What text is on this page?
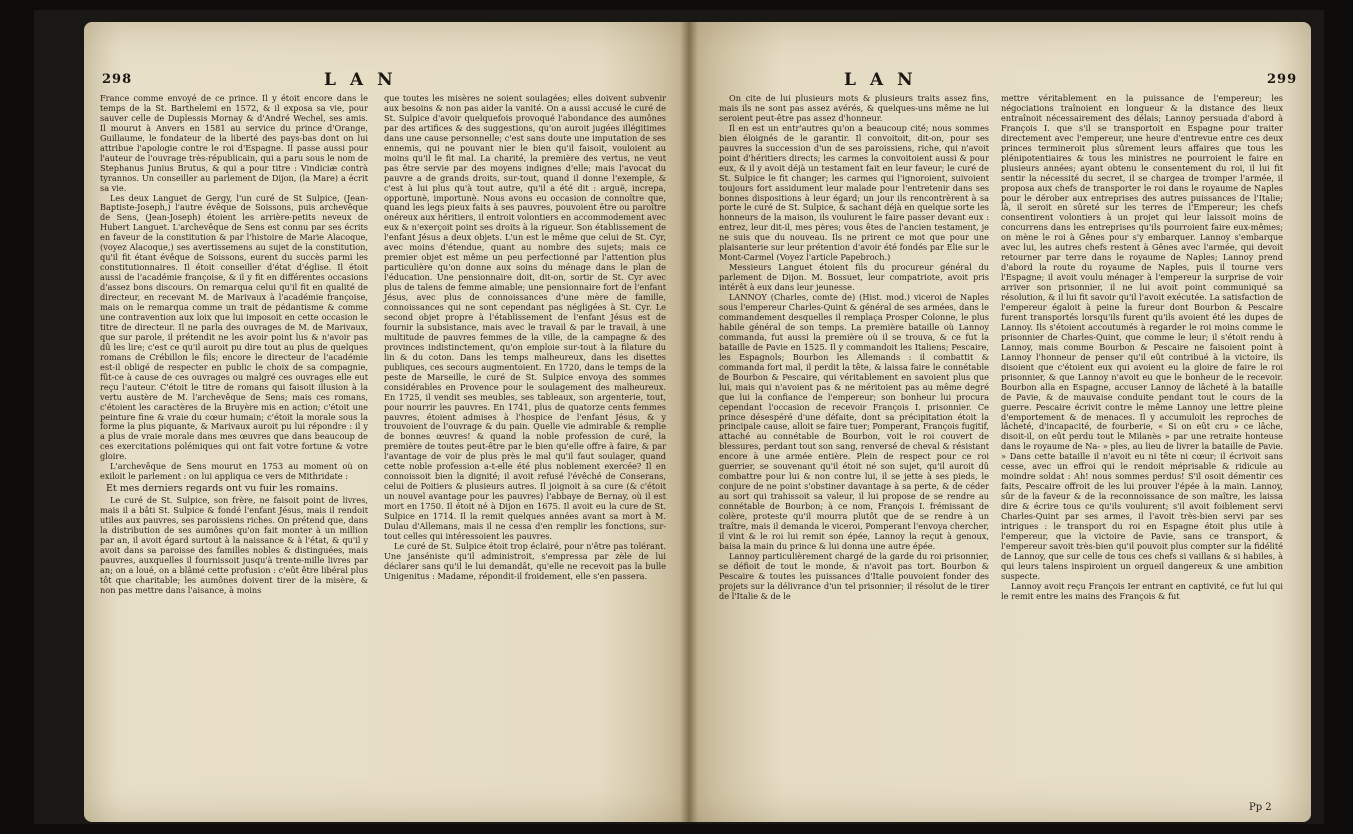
298	LAN

France comme envoyé de ce prince. Il y étoit encore dans le temps de la St. Barthelemi en 1572, & il exposa sa vie, pour sauver celle de Duplessis Mornay & d'André Wechel, ses amis. Il mourut à Anvers en 1581 au service du prince d'Orange, Guillaume, le fondateur de la liberté des pays-bas dont on lui attribue l'apologie contre le roi d'Espagne. Il passe aussi pour l'auteur de l'ouvrage très-républicain, qui a paru sous le nom de Stephanus Junius Brutus, & qui a pour titre : Vindiciæ contrà tyrannos. Un conseiller au parlement de Dijon, (la Mare) a écrit sa vie.

Les deux Languet de Gergy, l'un curé de St Sulpice, (Jean-Baptiste-Joseph,) l'autre évêque de Soissons, puis archevêque de Sens, (Jean-Joseph) étoient les arrière-petits neveux de Hubert Languet. L'archevêque de Sens est connu par ses écrits en faveur de la constitution & par l'histoire de Marie Alacoque, (voyez Alacoque,) ses avertissemens au sujet de la constitution, qu'il fit étant évêque de Soissons, eurent du succès parmi les constitutionnaires. Il étoit conseiller d'état d'église. Il étoit aussi de l'académie françoise, & il y fit en différentes occasions d'assez bons discours. On remarqua celui qu'il fit en qualité de directeur, en recevant M. de Marivaux à l'académie françoise, mais on le remarqua comme un trait de pédantisme & comme une contravention aux loix que lui imposoit en cette occasion le titre de directeur. Il ne parla des ouvrages de M. de Marivaux, que sur parole, il prétendit ne les avoir point lus & n'avoir pas dû les lire; c'est ce qu'il auroit pu dire tout au plus de quelques romans de Crébillon le fils; encore le directeur de l'académie est-il obligé de respecter en public le choix de sa compagnie, fût-ce à cause de ces ouvrages ou malgré ces ouvrages elle eut reçu l'auteur. C'étoit le titre de romans qui faisoit illusion à la vertu austère de M. l'archevêque de Sens; mais ces romans, c'étoient les caractères de la Bruyère mis en action; c'étoit une peinture fine & vraie du cœur humain; c'étoit la morale sous la forme la plus piquante, & Marivaux auroit pu lui répondre : il y a plus de vraie morale dans mes œuvres que dans beaucoup de ces exercitations polémiques qui ont fait votre fortune & votre gloire.

L'archevêque de Sens mourut en 1753 au moment où on exiloit le parlement : on lui appliqua ce vers de Mithridate :

Et mes derniers regards ont vu fuir les romains.

Le curé de St. Sulpice, son frère, ne faisoit point de livres, mais il a bâti St. Sulpice & fondé l'enfant Jésus, mais il rendoit utiles aux pauvres, ses paroissiens riches. On prétend que, dans la distribution de ses aumônes qu'on fait monter à un million par an, il avoit égard surtout à la naissance & à l'état, & qu'il y avoit dans sa paroisse des familles nobles & distinguées, mais pauvres, auxquelles il fournissoit jusqu'à trente-mille livres par an; on a loué, on a blâmé cette profusion : c'eût être libéral plus tôt que charitable; les aumônes doivent tirer de la misère, & non pas mettre dans l'aisance, à moins

que toutes les misères ne soient soulagées; elles doivent subvenir aux besoins & non pas aider la vanité. On a aussi accusé le curé de St. Sulpice d'avoir quelquefois provoqué l'abondance des aumônes par des artifices & des suggestions, qu'on auroit jugées illégitimes dans une cause personnelle; c'est sans doute une imputation de ses ennemis, qui ne pouvant nier le bien qu'il faisoit, vouloient au moins qu'il le fit mal. La charité, la première des vertus, ne veut pas être servie par des moyens indignes d'elle; mais l'avocat du pauvre a de grands droits, sur-tout, quand il donne l'exemple, & c'est à lui plus qu'à tout autre, qu'il a été dit : arguë, increpa, opportunè, importunè. Nous avons eu occasion de connoître que, quand les legs pieux faits à ses pauvres, pouvoient être ou paroître onéreux aux héritiers, il entroit volontiers en accommodement avec eux & n'exerçoit point ses droits à la rigueur. Son établissement de l'enfant Jésus a deux objets. L'un est le même que celui de St. Cyr, avec moins d'étendue, quant au nombre des sujets; mais ce premier objet est même un peu perfectionné par l'attention plus particulière qu'on donne aux soins du ménage dans le plan de l'éducation. Une pensionnaire doit, dit-on, sortir de St. Cyr avec plus de talens de femme aimable; une pensionnaire fort de l'enfant Jésus, avec plus de connoissances d'une mère de famille, connoissances qui ne sont cependant pas négligées à St. Cyr. Le second objet propre à l'établissement de l'enfant Jésus est de fournir la subsistance, mais avec le travail & par le travail, à une multitude de pauvres femmes de la ville, de la campagne & des provinces indistinctement, qu'on emploie sur-tout à la filature du lin & du coton. Dans les temps malheureux, dans les disettes publiques, ces secours augmentoient. En 1720, dans le temps de la peste de Marseille, le curé de St. Sulpice envoya des sommes considérables en Provence pour le soulagement des malheureux. En 1725, il vendit ses meubles, ses tableaux, son argenterie, tout, pour nourrir les pauvres. En 1741, plus de quatorze cents femmes pauvres, étoient admises à l'hospice de l'enfant Jésus, & y trouvoient de l'ouvrage & du pain. Quelle vie admirable & remplie de bonnes œuvres! & quand la noble profession de curé, la première de toutes peut-être par le bien qu'elle offre à faire, & par l'avantage de voir de plus près le mal qu'il faut soulager, quand cette noble profession a-t-elle été plus noblement exercée? Il en connoissoit bien la dignité; il avoit refusé l'évêché de Conserans, celui de Poitiers & plusieurs autres. Il joignoit à sa cure (& c'étoit un nouvel avantage pour les pauvres) l'abbaye de Bernay, où il est mort en 1750. Il étoit né à Dijon en 1675. Il avoit eu la cure de St. Sulpice en 1714. Il la remit quelques années avant sa mort à M. Dulau d'Allemans, mais il ne cessa d'en remplir les fonctions, sur-tout celles qui intéressoient les pauvres.

Le curé de St. Sulpice étoit trop éclairé, pour n'être pas tolérant. Une janséniste qu'il administroit, s'empressa par zèle de lui déclarer sans qu'il le lui demandât, qu'elle ne recevoit pas la bulle Unigenitus : Madame, répondit-il froidement, elle s'en passera.

LAN	299

On cite de lui plusieurs mots & plusieurs traits assez fins, mais ils ne sont pas assez avérés, & quelques-uns même ne lui seroient peut-être pas assez d'honneur.

Il en est un entr'autres qu'on a beaucoup cité; nous sommes bien éloignés de le garantir. Il convoitoit, dit-on, pour ses pauvres la succession d'un de ses paroissiens, riche, qui n'avoit point d'héritiers directs; les carmes la convoitoient aussi & pour eux, & il y avoit déjà un testament fait en leur faveur; le curé de St. Sulpice le fit changer; les carmes qui l'ignoroient, suivoient toujours fort assidument leur malade pour l'entretenir dans ses bonnes dispositions à leur égard; un jour ils rencontrèrent à sa porte le curé de St. Sulpice, & sachant déjà en quelque sorte les honneurs de la maison, ils voulurent le faire passer devant eux : entrez, leur dit-il, mes pères; vous êtes de l'ancien testament, je ne suis que du nouveau. Ils ne prirent ce mot que pour une plaisanterie sur leur prétention d'avoir été fondés par Elie sur le Mont-Carmel (Voyez l'article Papebroch.)

Messieurs Languet étoient fils du procureur général du parlement de Dijon. M. Bossuet, leur compatriote, avoit pris intérêt à eux dans leur jeunesse.

LANNOY (Charles, comte de) (Hist. mod.) viceroi de Naples sous l'empereur Charles-Quint & général de ses armées, dans le commandement desquelles il remplaça Prosper Colonne, le plus habile général de son temps. La première bataille où Lannoy commanda, fut aussi la première où il se trouva, & ce fut la bataille de Pavie en 1525. Il y commandoit les Italiens; Pescaire, les Espagnols; Bourbon les Allemands : il combattit & commanda fort mal, il perdit la tête, & laissa faire le connétable de Bourbon & Pescaire, qui véritablement en savoient plus que lui, mais qui n'avoient pas & ne méritoient pas au même degré que lui la confiance de l'empereur; son bonheur lui procura cependant l'occasion de recevoir François I. prisonnier. Ce prince désespéré d'une défaite, dont sa précipitation étoit la principale cause, alloit se faire tuer; Pomperant, François fugitif, attaché au connétable de Bourbon, voit le roi couvert de blessures, perdant tout son sang, renversé de cheval & résistant encore à une armée entière. Plein de respect pour ce roi guerrier, se souvenant qu'il étoit né son sujet, qu'il auroit dû combattre pour lui & non contre lui, il se jette à ses pieds, le conjure de ne point s'obstiner davantage à sa perte, & de céder au sort qui trahissoit sa valeur, il lui propose de se rendre au connétable de Bourbon; à ce nom, François I. frémissant de colère, proteste qu'il mourra plutôt que de se rendre à un traître, mais il demanda le viceroi, Pomperant l'envoya chercher, il vint & le roi lui remit son épée, Lannoy la reçut à genoux, baisa la main du prince & lui donna une autre épée.

Lannoy particulièrement chargé de la garde du roi prisonnier, se défioit de tout le monde, & n'avoit pas tort. Bourbon & Pescaire & toutes les puissances d'Italie pouvoient fonder des projets sur la délivrance d'un tel prisonnier; il résolut de le tirer de l'Italie & de le

mettre véritablement en la puissance de l'empereur; les négociations traînoient en longueur & la distance des lieux entraînoit nécessairement des délais; Lannoy persuada d'abord à François I. que s'il se transportoit en Espagne pour traiter directement avec l'empereur, une heure d'entrevue entre ces deux princes termineroit plus sûrement leurs affaires que tous les plénipotentiaires & tous les ministres ne pourroient le faire en plusieurs années; ayant obtenu le consentement du roi, il lui fit sentir la nécessité du secret, il se chargea de tromper l'armée, il proposa aux chefs de transporter le roi dans le royaume de Naples pour le dérober aux entreprises des autres puissances de l'Italie; là, il seroit en sûreté sur les terres de l'Empereur; les chefs consentirent volontiers à un projet qui leur laissoit moins de concurrens dans les entreprises qu'ils pourroient faire eux-mêmes; on mène le roi à Gênes pour s'y embarquer. Lannoy s'embarque avec lui, les autres chefs restent à Gênes avec l'armée, qui devoit retourner par terre dans le royaume de Naples; Lannoy prend d'abord la route du royaume de Naples, puis il tourne vers l'Espagne; il avoit voulu ménager à l'empereur la surprise de voir arriver son prisonnier, il ne lui avoit point communiqué sa résolution, & il lui fit savoir qu'il l'avoit exécutée. La satisfaction de l'empereur égaloit à peine la fureur dont Bourbon & Pescaire furent transportés lorsqu'ils furent qu'ils avoient été les dupes de Lannoy. Ils s'étoient accoutumés à regarder le roi moins comme le prisonnier de Charles-Quint, que comme le leur; il s'étoit rendu à Lannoy, mais comme Bourbon & Pescaire ne faisoient point à Lannoy l'honneur de penser qu'il eût contribué à la victoire, ils disoient que c'étoient eux qui avoient eu la gloire de faire le roi prisonnier, & que Lannoy n'avoit eu que le bonheur de le recevoir. Bourbon alla en Espagne, accuser Lannoy de lâcheté à la bataille de Pavie, & de mauvaise conduite pendant tout le cours de la guerre. Pescaire écrivit contre le même Lannoy une lettre pleine d'emportement & de menaces. Il y accumuloit les reproches de lâcheté, d'incapacité, de fourberie, « Si on eût cru » ce lâche, disoit-il, on eût perdu tout le Milanès » par une retraite honteuse dans le royaume de Na- » ples, au lieu de livrer la bataille de Pavie. » Dans cette bataille il n'avoit eu ni tête ni cœur; il écrivoit sans cesse, avec un effroi qui le rendoit méprisable & ridicule au moindre soldat : Ah! nous sommes perdus! S'il osoit démentir ces faits, Pescaire offroit de les lui prouver l'épée à la main. Lannoy, sûr de la faveur & de la reconnoissance de son maître, les laissa dire & écrire tous ce qu'ils voulurent; s'il avoit foiblement servi Charles-Quint par ses armes, il l'avoit très-bien servi par ses intrigues : le transport du roi en Espagne étoit plus utile à l'empereur, que la victoire de Pavie, sans ce transport, & l'empereur savoit très-bien qu'il pouvoit plus compter sur la fidélité de Lannoy, que sur celle de tous ces chefs si vaillans & si habiles, à qui leurs talens inspiroient un orgueil dangereux & une ambition suspecte.

Lannoy avoit reçu François Ier entrant en captivité, ce fut lui qui le remit entre les mains des François & fut

Pp 2
